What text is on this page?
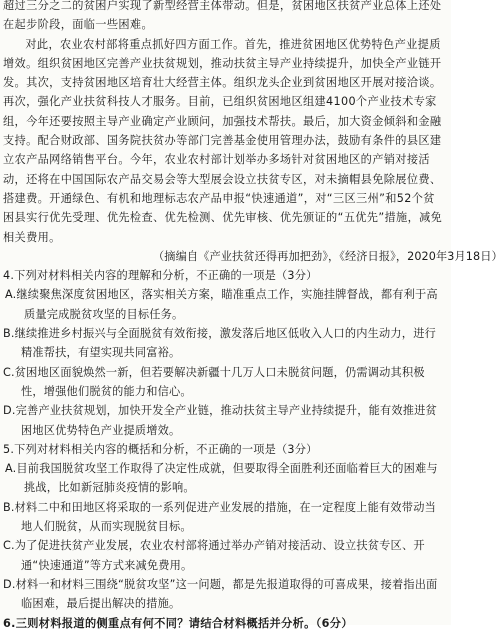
超过三分之二的贫困户实现了新型经营主体带动。但是，贫困地区扶贫产业总体上还处在起步阶段，面临一些困难。

对此，农业农村部将重点抓好四方面工作。首先，推进贫困地区优势特色产业提质增效。组织贫困地区完善产业扶贫规划，推动扶贫主导产业持续提升，加快全产业链开发。其次，支持贫困地区培育壮大经营主体。组织龙头企业到贫困地区开展对接洽谈。再次，强化产业扶贫科技人才服务。目前，已组织贫困地区组建4100个产业技术专家组，今年还要按照主导产业确定产业顾问，加强技术帮扶。最后，加大资金倾斜和金融支持。配合财政部、国务院扶贫办等部门完善基金使用管理办法，鼓励有条件的县区建立农产品网络销售平台。今年，农业农村部计划举办多场针对贫困地区的产销对接活动，还将在中国国际农产品交易会等大型展会设立扶贫专区，对未摘帽县免除展位费、搭建费。开通绿色、有机和地理标志农产品申报“快速通道”，对“三区三州”和52个贫困县实行优先受理、优先检查、优先检测、优先审核、优先颁证的“五优先”措施，减免相关费用。

（摘编自《产业扶贫还得再加把劲》，《经济日报》，2020年3月18日）

4.下列对材料相关内容的理解和分析，不正确的一项是（3分）

A.继续聚焦深度贫困地区，落实相关方案，瞄准重点工作，实施挂牌督战，都有利于高质量完成脱贫攻坚的目标任务。

B.继续推进乡村振兴与全面脱贫有效衔接，激发落后地区低收入人口的内生动力，进行精准帮扶，有望实现共同富裕。

C.贫困地区面貌焕然一新，但若要解决新疆十几万人口未脱贫问题，仍需调动其积极性，增强他们脱贫的能力和信心。

D.完善产业扶贫规划，加快开发全产业链，推动扶贫主导产业持续提升，能有效推进贫困地区优势特色产业提质增效。

5.下列对材料相关内容的概括和分析，不正确的一项是（3分）

A.目前我国脱贫攻坚工作取得了决定性成就，但要取得全面胜利还面临着巨大的困难与挑战，比如新冠肺炎疫情的影响。

B.材料二中和田地区将采取的一系列促进产业发展的措施，在一定程度上能有效带动当地人们脱贫，从而实现脱贫目标。

C.为了促进扶贫产业发展，农业农村部将通过举办产销对接活动、设立扶贫专区、开通“快速通道”等方式来减免费用。

D.材料一和材料三围绕“脱贫攻坚”这一问题，都是先报道取得的可喜成果，接着指出面临困难，最后提出解决的措施。

6.三则材料报道的侧重点有何不同？请结合材料概括并分析。（6分）
